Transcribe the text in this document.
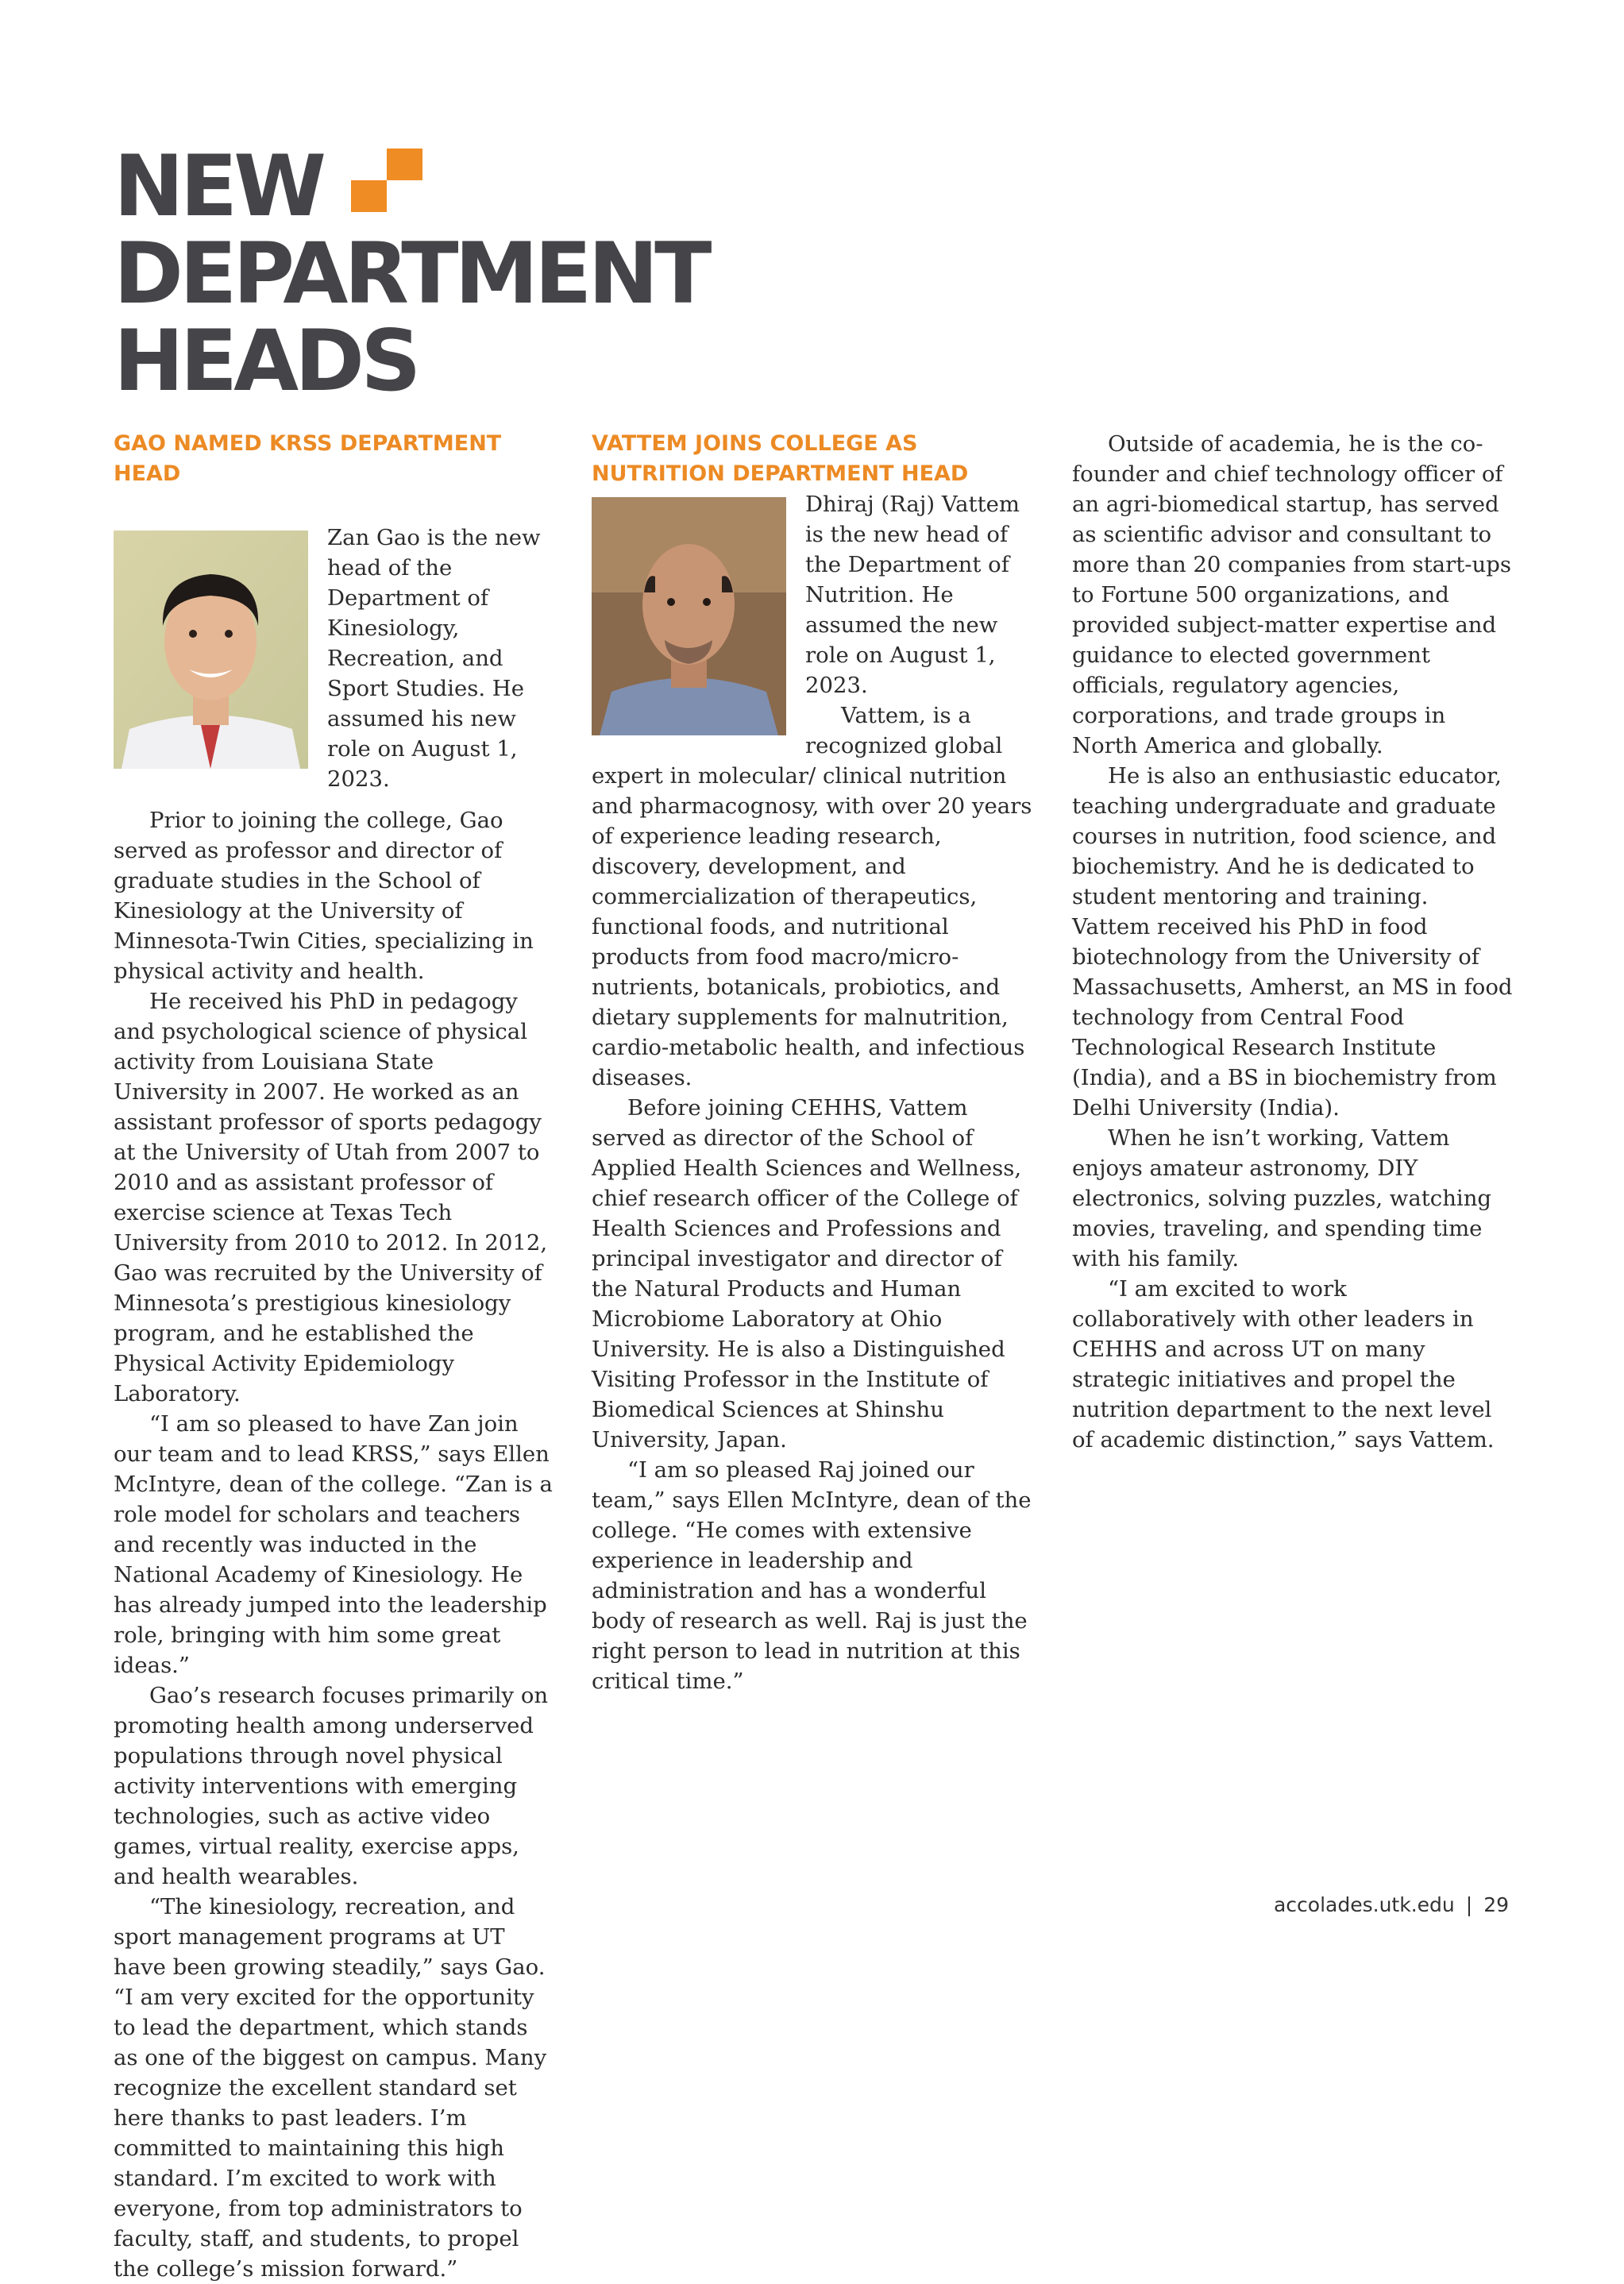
NEW
DEPARTMENT
HEADS
GAO NAMED KRSS DEPARTMENT HEAD

Zan Gao is the new head of the Department of Kinesiology, Recreation, and Sport Studies. He assumed his new role on August 1, 2023.

Prior to joining the college, Gao served as professor and director of graduate studies in the School of Kinesiology at the University of Minnesota-Twin Cities, specializing in physical activity and health.

He received his PhD in pedagogy and psychological science of physical activity from Louisiana State University in 2007. He worked as an assistant professor of sports pedagogy at the University of Utah from 2007 to 2010 and as assistant professor of exercise science at Texas Tech University from 2010 to 2012. In 2012, Gao was recruited by the University of Minnesota’s prestigious kinesiology program, and he established the Physical Activity Epidemiology Laboratory.

“I am so pleased to have Zan join our team and to lead KRSS,” says Ellen McIntyre, dean of the college. “Zan is a role model for scholars and teachers and recently was inducted in the National Academy of Kinesiology. He has already jumped into the leadership role, bringing with him some great ideas.”

Gao’s research focuses primarily on promoting health among underserved populations through novel physical activity interventions with emerging technologies, such as active video games, virtual reality, exercise apps, and health wearables.

“The kinesiology, recreation, and sport management programs at UT have been growing steadily,” says Gao. “I am very excited for the opportunity to lead the department, which stands as one of the biggest on campus. Many recognize the excellent standard set here thanks to past leaders. I’m committed to maintaining this high standard. I’m excited to work with everyone, from top administrators to faculty, staff, and students, to propel the college’s mission forward.”

VATTEM JOINS COLLEGE AS NUTRITION DEPARTMENT HEAD

Dhiraj (Raj) Vattem is the new head of the Department of Nutrition. He assumed the new role on August 1, 2023.

Vattem, is a recognized global expert in molecular/ clinical nutrition and pharmacognosy, with over 20 years of experience leading research, discovery, development, and commercialization of therapeutics, functional foods, and nutritional products from food macro/micro-nutrients, botanicals, probiotics, and dietary supplements for malnutrition, cardio-metabolic health, and infectious diseases.

Before joining CEHHS, Vattem served as director of the School of Applied Health Sciences and Wellness, chief research officer of the College of Health Sciences and Professions and principal investigator and director of the Natural Products and Human Microbiome Laboratory at Ohio University. He is also a Distinguished Visiting Professor in the Institute of Biomedical Sciences at Shinshu University, Japan.

“I am so pleased Raj joined our team,” says Ellen McIntyre, dean of the college. “He comes with extensive experience in leadership and administration and has a wonderful body of research as well. Raj is just the right person to lead in nutrition at this critical time.”

Outside of academia, he is the co-founder and chief technology officer of an agri-biomedical startup, has served as scientific advisor and consultant to more than 20 companies from start-ups to Fortune 500 organizations, and provided subject-matter expertise and guidance to elected government officials, regulatory agencies, corporations, and trade groups in North America and globally.

He is also an enthusiastic educator, teaching undergraduate and graduate courses in nutrition, food science, and biochemistry. And he is dedicated to student mentoring and training. Vattem received his PhD in food biotechnology from the University of Massachusetts, Amherst, an MS in food technology from Central Food Technological Research Institute (India), and a BS in biochemistry from Delhi University (India).

When he isn’t working, Vattem enjoys amateur astronomy, DIY electronics, solving puzzles, watching movies, traveling, and spending time with his family.

“I am excited to work collaboratively with other leaders in CEHHS and across UT on many strategic initiatives and propel the nutrition department to the next level of academic distinction,” says Vattem.

accolades.utk.edu | 29
